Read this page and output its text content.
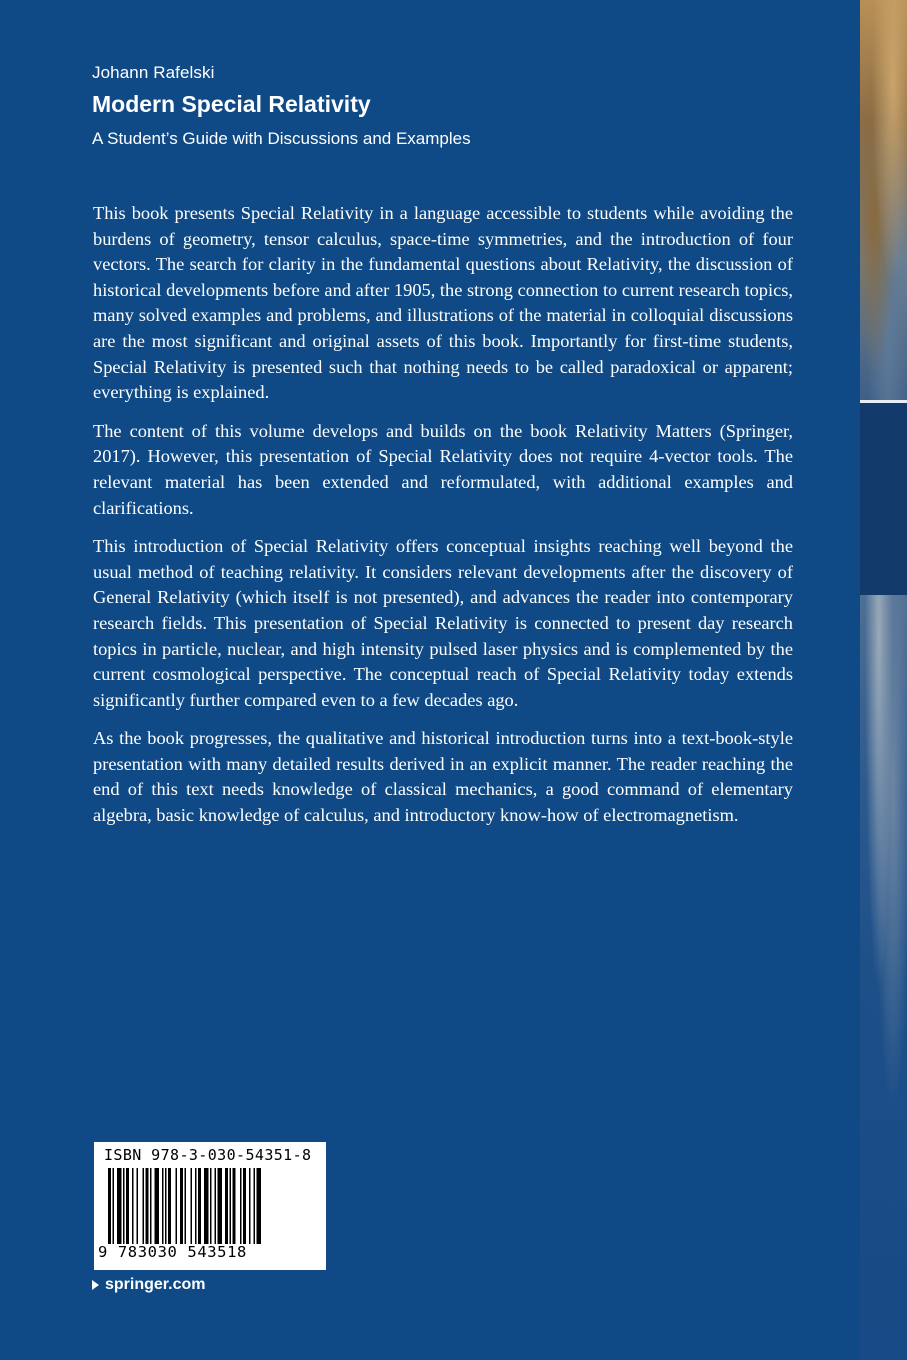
Johann Rafelski
Modern Special Relativity
A Student’s Guide with Discussions and Examples

This book presents Special Relativity in a language accessible to students while avoiding the burdens of geometry, tensor calculus, space-time symmetries, and the introduction of four vectors. The search for clarity in the fundamental questions about Relativity, the discussion of historical developments before and after 1905, the strong connection to current research topics, many solved examples and problems, and illustrations of the material in colloquial discussions are the most significant and original assets of this book. Importantly for first-time students, Special Relativity is presented such that nothing needs to be called paradoxical or apparent; everything is explained.

The content of this volume develops and builds on the book Relativity Matters (Springer, 2017). However, this presentation of Special Relativity does not require 4-vector tools. The relevant material has been extended and reformulated, with additional examples and clarifications.

This introduction of Special Relativity offers conceptual insights reaching well beyond the usual method of teaching relativity. It considers relevant developments after the discovery of General Relativity (which itself is not presented), and advances the reader into contemporary research fields. This presentation of Special Relativity is connected to present day research topics in particle, nuclear, and high intensity pulsed laser physics and is complemented by the current cosmological perspective. The conceptual reach of Special Relativity today extends significantly further compared even to a few decades ago.

As the book progresses, the qualitative and historical introduction turns into a text-book-style presentation with many detailed results derived in an explicit manner. The reader reaching the end of this text needs knowledge of classical mechanics, a good command of elementary algebra, basic knowledge of calculus, and introductory know-how of electromagnetism.

ISBN 978-3-030-54351-8
9 783030 543518
springer.com
